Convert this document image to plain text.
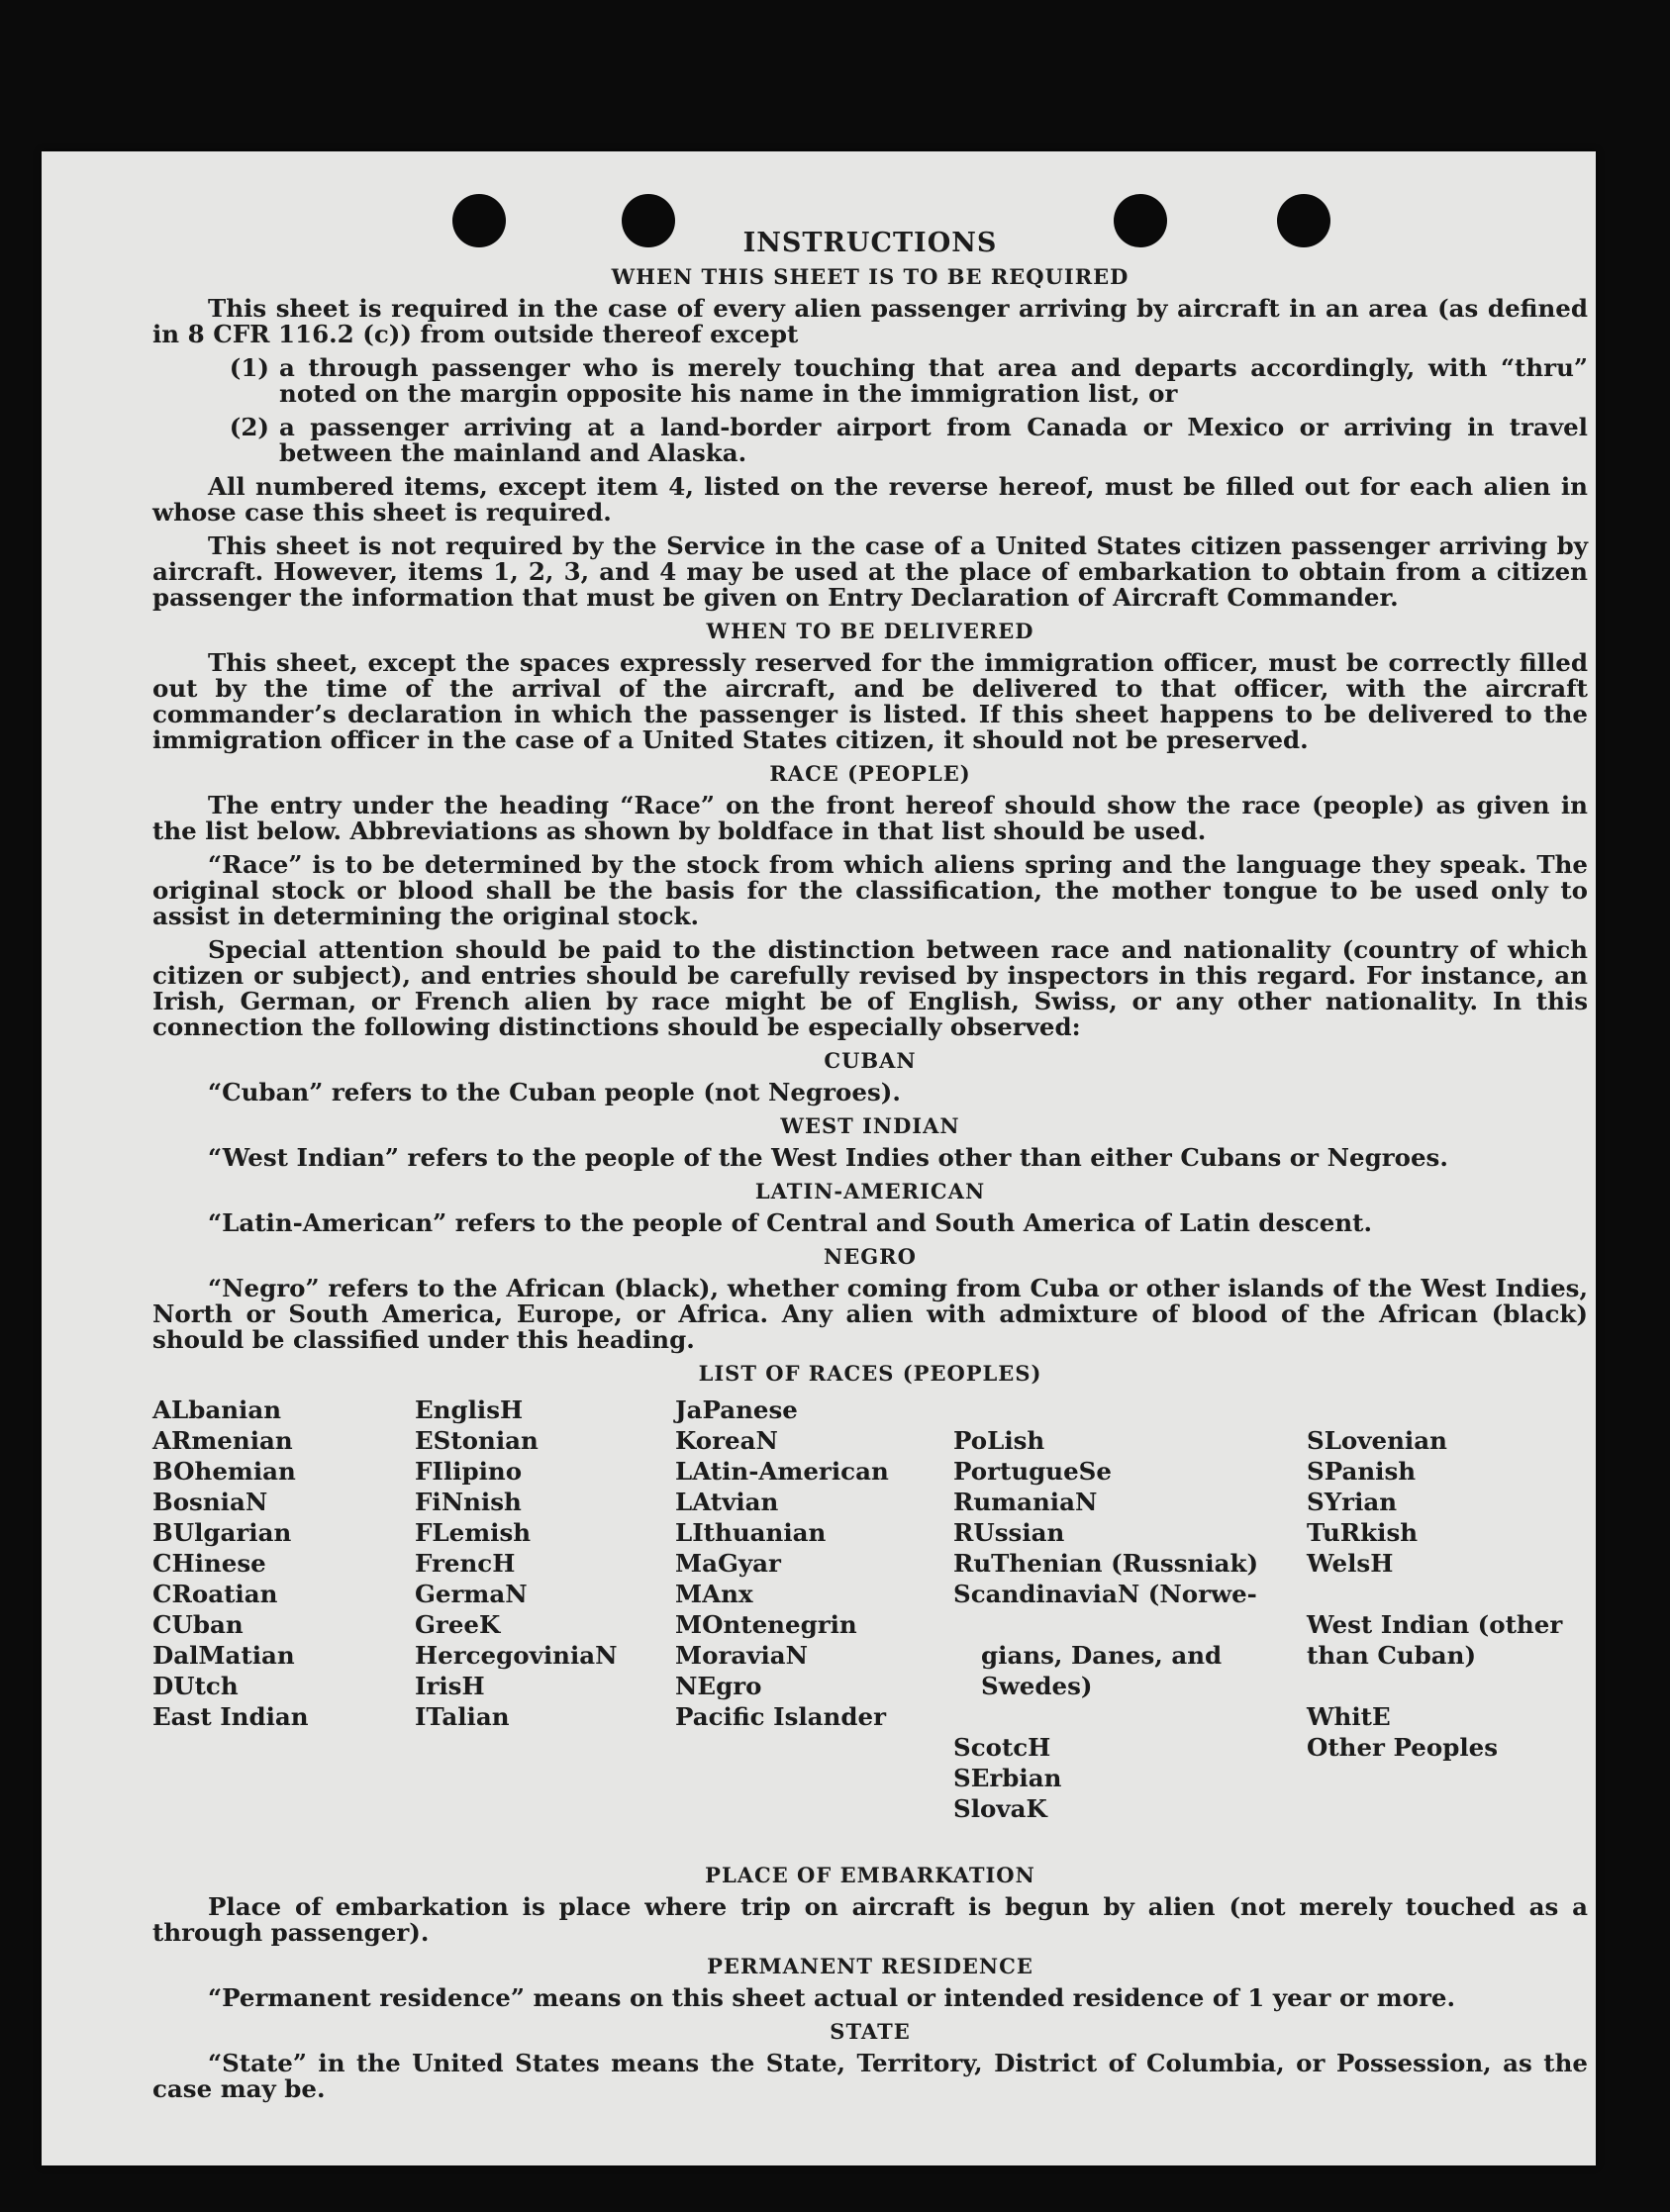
INSTRUCTIONS
WHEN THIS SHEET IS TO BE REQUIRED

This sheet is required in the case of every alien passenger arriving by aircraft in an area (as defined in 8 CFR 116.2 (c)) from outside thereof except

(1) a through passenger who is merely touching that area and departs accordingly, with “thru” noted on the margin opposite his name in the immigration list, or
(2) a passenger arriving at a land-border airport from Canada or Mexico or arriving in travel between the mainland and Alaska.

All numbered items, except item 4, listed on the reverse hereof, must be filled out for each alien in whose case this sheet is required.

This sheet is not required by the Service in the case of a United States citizen passenger arriving by aircraft. However, items 1, 2, 3, and 4 may be used at the place of embarkation to obtain from a citizen passenger the information that must be given on Entry Declaration of Aircraft Commander.

WHEN TO BE DELIVERED

This sheet, except the spaces expressly reserved for the immigration officer, must be correctly filled out by the time of the arrival of the aircraft, and be delivered to that officer, with the aircraft commander’s declaration in which the passenger is listed. If this sheet happens to be delivered to the immigration officer in the case of a United States citizen, it should not be preserved.

RACE (PEOPLE)

The entry under the heading “Race” on the front hereof should show the race (people) as given in the list below. Abbreviations as shown by boldface in that list should be used.

“Race” is to be determined by the stock from which aliens spring and the language they speak. The original stock or blood shall be the basis for the classification, the mother tongue to be used only to assist in determining the original stock.

Special attention should be paid to the distinction between race and nationality (country of which citizen or subject), and entries should be carefully revised by inspectors in this regard. For instance, an Irish, German, or French alien by race might be of English, Swiss, or any other nationality. In this connection the following distinctions should be especially observed:

CUBAN

“Cuban” refers to the Cuban people (not Negroes).

WEST INDIAN

“West Indian” refers to the people of the West Indies other than either Cubans or Negroes.

LATIN-AMERICAN

“Latin-American” refers to the people of Central and South America of Latin descent.

NEGRO

“Negro” refers to the African (black), whether coming from Cuba or other islands of the West Indies, North or South America, Europe, or Africa. Any alien with admixture of blood of the African (black) should be classified under this heading.

LIST OF RACES (PEOPLES)
ALbanian
ARmenian
BOhemian
BosniaN
BUlgarian
CHinese
CRoatian
CUban
DalMatian
DUtch
East Indian
EnglisH
EStonian
FIlipino
FiNnish
FLemish
FrencH
GermaN
GreeK
HercegoviniaN
IrisH
ITalian
JaPanese
KoreaN
LAtin-American
LAtvian
LIthuanian
MaGyar
MAnx
MOntenegrin
MoraviaN
NEgro
Pacific Islander

PoLish
PortugueSe
RumaniaN
RUssian
RuThenian (Russniak)
ScandinaviaN (Norwe-

gians, Danes, and
Swedes)

ScotcH
SErbian
SlovaK

SLovenian
SPanish
SYrian
TuRkish
WelsH

West Indian (other than Cuban)

WhitE
Other Peoples

PLACE OF EMBARKATION

Place of embarkation is place where trip on aircraft is begun by alien (not merely touched as a through passenger).

PERMANENT RESIDENCE

“Permanent residence” means on this sheet actual or intended residence of 1 year or more.

STATE

“State” in the United States means the State, Territory, District of Columbia, or Possession, as the case may be.
